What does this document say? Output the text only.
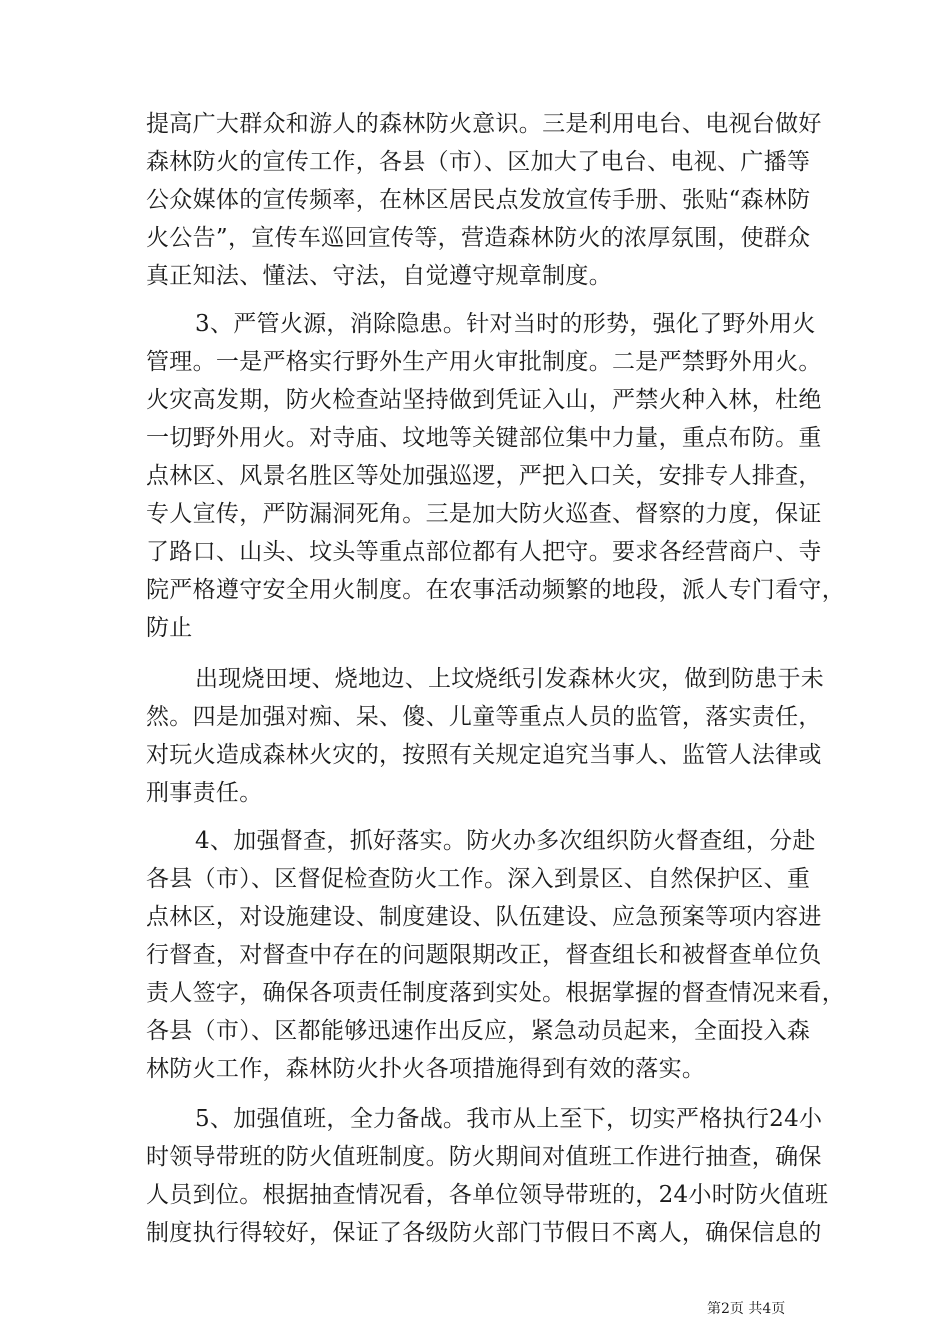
提高广大群众和游人的森林防火意识。三是利用电台、电视台做好
森林防火的宣传工作，各县（市）、区加大了电台、电视、广播等
公众媒体的宣传频率，在林区居民点发放宣传手册、张贴“森林防
火公告”，宣传车巡回宣传等，营造森林防火的浓厚氛围，使群众
真正知法、懂法、守法，自觉遵守规章制度。
3、严管火源，消除隐患。针对当时的形势，强化了野外用火
管理。一是严格实行野外生产用火审批制度。二是严禁野外用火。
火灾高发期，防火检查站坚持做到凭证入山，严禁火种入林，杜绝
一切野外用火。对寺庙、坟地等关键部位集中力量，重点布防。重
点林区、风景名胜区等处加强巡逻，严把入口关，安排专人排查，
专人宣传，严防漏洞死角。三是加大防火巡查、督察的力度，保证
了路口、山头、坟头等重点部位都有人把守。要求各经营商户、寺
院严格遵守安全用火制度。在农事活动频繁的地段，派人专门看守，
防止
出现烧田埂、烧地边、上坟烧纸引发森林火灾，做到防患于未
然。四是加强对痴、呆、傻、儿童等重点人员的监管，落实责任，
对玩火造成森林火灾的，按照有关规定追究当事人、监管人法律或
刑事责任。
4、加强督查，抓好落实。防火办多次组织防火督查组，分赴
各县（市）、区督促检查防火工作。深入到景区、自然保护区、重
点林区，对设施建设、制度建设、队伍建设、应急预案等项内容进
行督查，对督查中存在的问题限期改正，督查组长和被督查单位负
责人签字，确保各项责任制度落到实处。根据掌握的督查情况来看，
各县（市）、区都能够迅速作出反应，紧急动员起来，全面投入森
林防火工作，森林防火扑火各项措施得到有效的落实。
5、加强值班，全力备战。我市从上至下，切实严格执行24小
时领导带班的防火值班制度。防火期间对值班工作进行抽查，确保
人员到位。根据抽查情况看，各单位领导带班的，24小时防火值班
制度执行得较好，保证了各级防火部门节假日不离人，确保信息的
第2页 共4页
